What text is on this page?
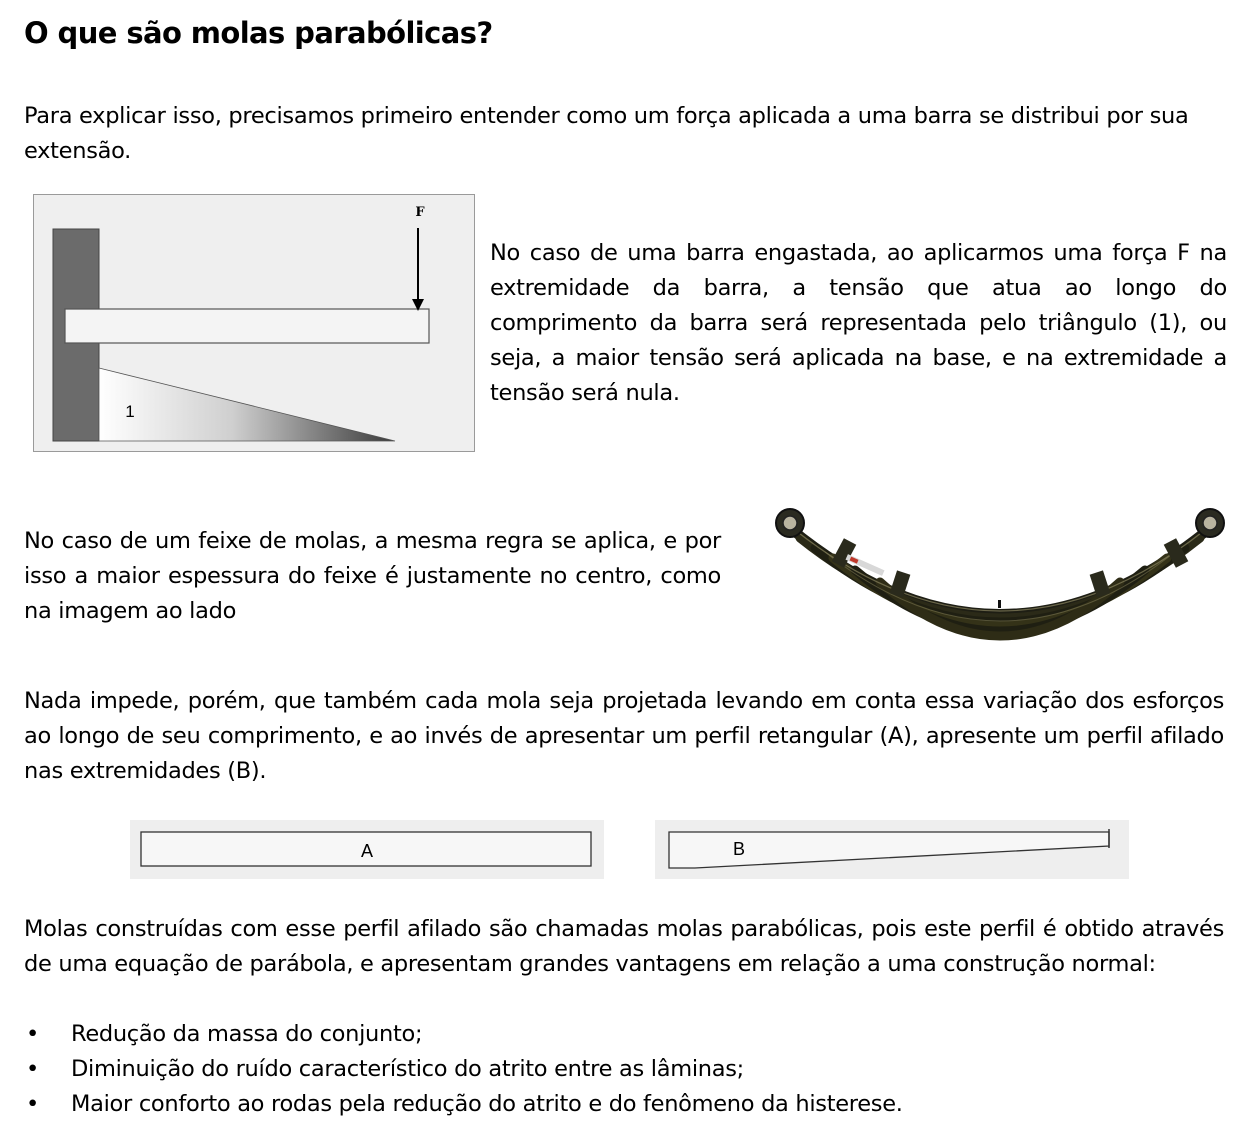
O que são molas parabólicas?
Para explicar isso, precisamos primeiro entender como um força aplicada a uma barra se distribui por sua extensão.
F
1
No caso de uma barra engastada, ao aplicarmos uma força F na extremidade da barra, a tensão que atua ao longo do comprimento da barra será representada pelo triângulo (1), ou seja, a maior tensão será aplicada na base, e na extremidade a tensão será nula.
No caso de um feixe de molas, a mesma regra se aplica, e por isso a maior espessura do feixe é justamente no centro, como na imagem ao lado
Nada impede, porém, que também cada mola seja projetada levando em conta essa variação dos esforços ao longo de seu comprimento, e ao invés de apresentar um perfil retangular (A), apresente um perfil afilado nas extremidades (B).
A	B
Molas construídas com esse perfil afilado são chamadas molas parabólicas, pois este perfil é obtido através de uma equação de parábola, e apresentam grandes vantagens em relação a uma construção normal:
• Redução da massa do conjunto;
• Diminuição do ruído característico do atrito entre as lâminas;
• Maior conforto ao rodas pela redução do atrito e do fenômeno da histerese.
